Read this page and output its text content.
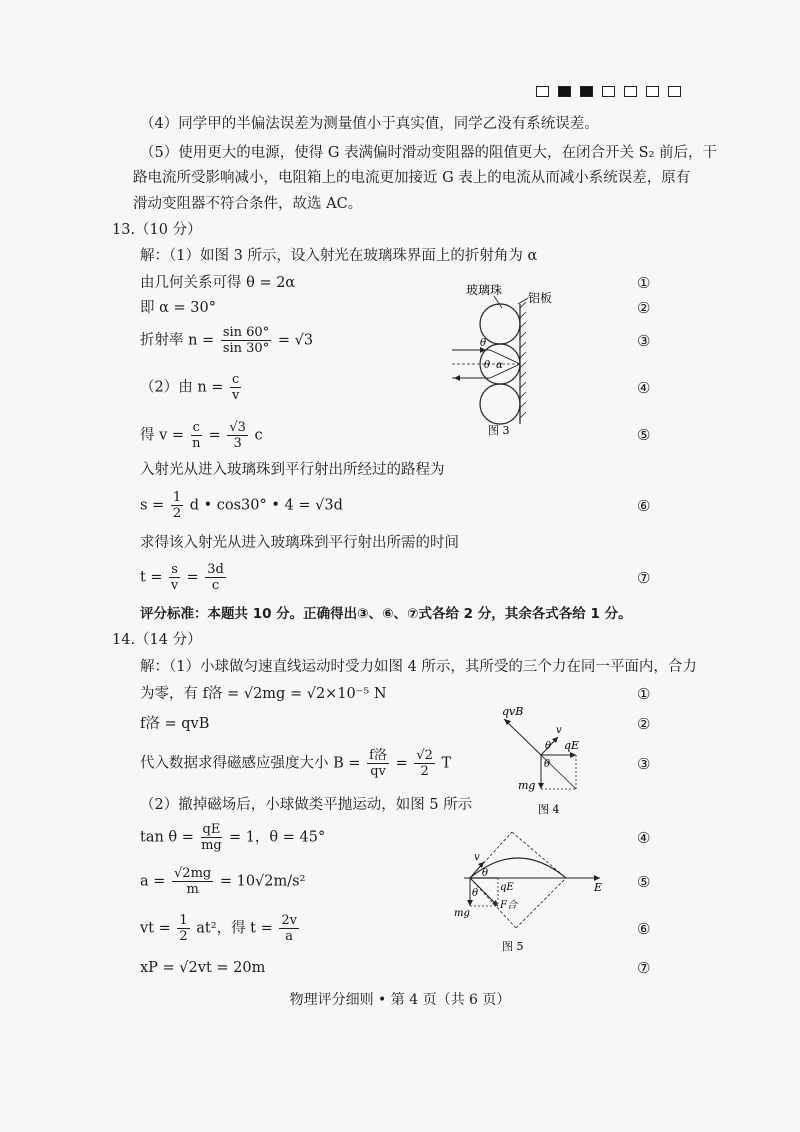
（4）同学甲的半偏法误差为测量值小于真实值，同学乙没有系统误差。
（5）使用更大的电源，使得 G 表满偏时滑动变阻器的阻值更大，在闭合开关 S₂ 前后，干
路电流所受影响减小，电阻箱上的电流更加接近 G 表上的电流从而减小系统误差，原有
滑动变阻器不符合条件，故选 AC。
13.（10 分）
解：（1）如图 3 所示，设入射光在玻璃珠界面上的折射角为 α
由几何关系可得 θ = 2α	①
即 α = 30°	②
折射率 $n = \frac{\sin 60^\circ}{\sin 30^\circ} = √3$	③
（2）由 $n = \frac{c}{v}$	④
得 $v = \frac{c}{n} = \frac{√3}{3}$ c	⑤
入射光从进入玻璃珠到平行射出所经过的路程为
$s = \frac{1}{2}$ d • cos30° • 4 = √3d	⑥
求得该入射光从进入玻璃珠到平行射出所需的时间
$t = \frac{s}{v} = \frac{3d}{c}$	⑦
评分标准：本题共 10 分。正确得出③、⑥、⑦式各给 2 分，其余各式各给 1 分。
玻璃珠
铝板
θ
θ α
图 3
14.（14 分）
解：（1）小球做匀速直线运动时受力如图 4 所示，其所受的三个力在同一平面内，合力
为零，有 f洛 = √2mg = √2×10⁻⁵ N	①
f洛 = qvB	②
代入数据求得磁感应强度大小 $B = \frac{\text{f洛}}{qv} = \frac{√2}{2}$ T	③
（2）撤掉磁场后，小球做类平抛运动，如图 5 所示
$\tan \theta = \frac{qE}{mg} = 1$，θ = 45°	④
$a = \frac{√2mg}{m} = 10√2m/s^2$	⑤
vt = $\frac{1}{2} at^2$，得 $t = \frac{2v}{a}$	⑥
xP = √2vt = 20m	⑦
qvB
v
qE
mg
θ
θ
图 4
E
v
θ
qE
mg
θ
F合
图 5
物理评分细则 • 第 4 页（共 6 页）
